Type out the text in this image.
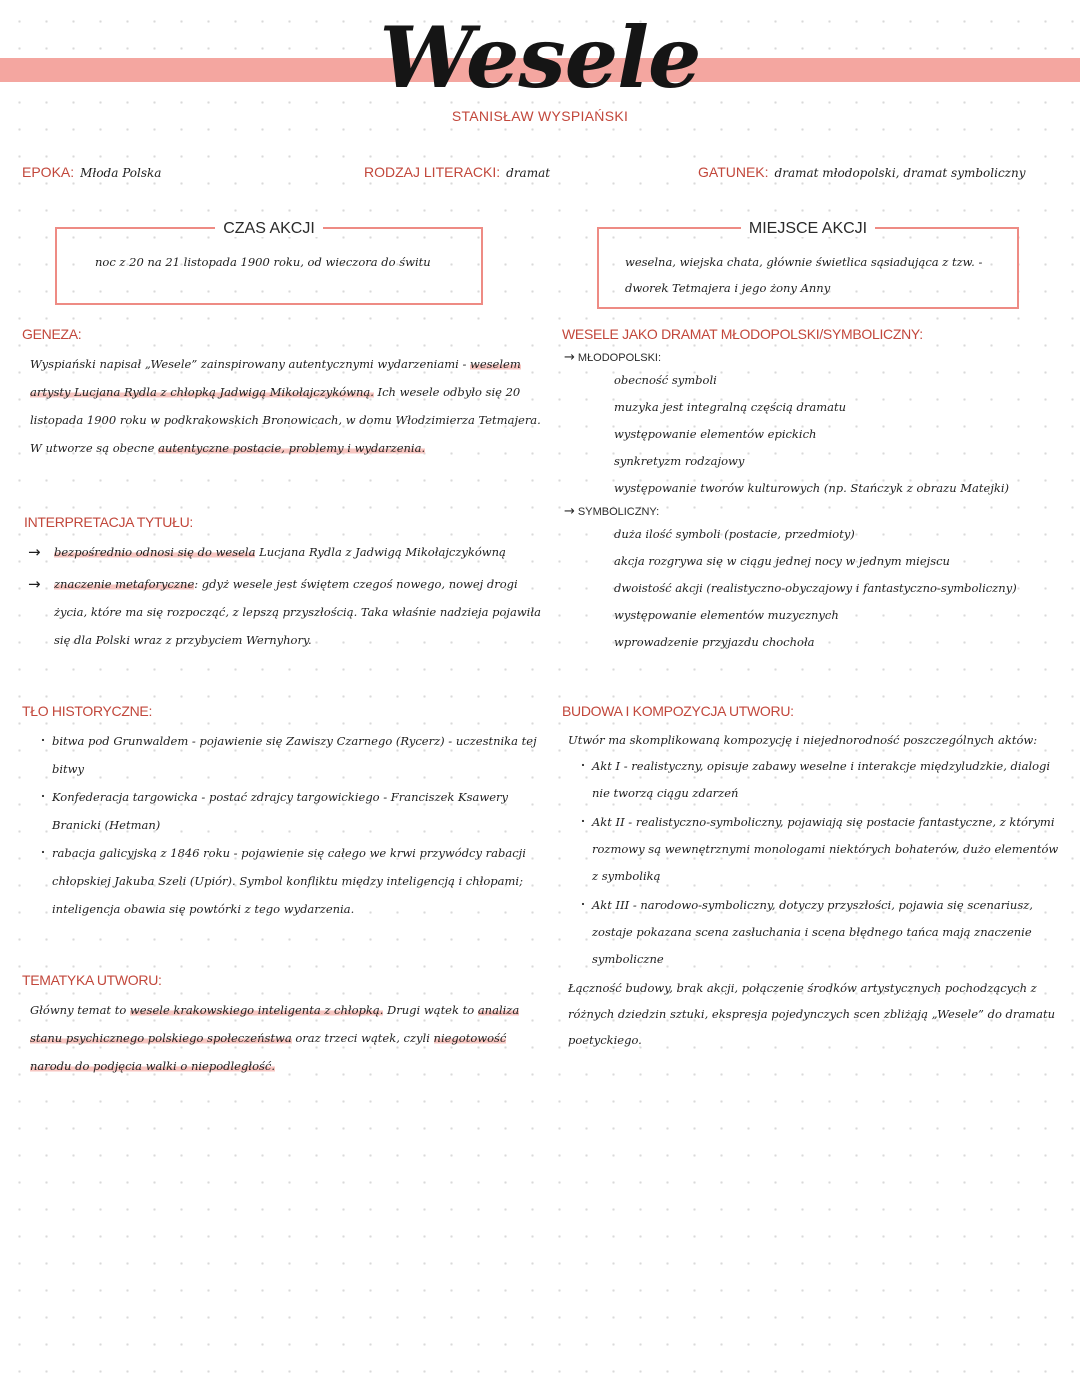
Wesele
STANISŁAW WYSPIAŃSKI
EPOKA: Młoda Polska	RODZAJ LITERACKI: dramat	GATUNEK: dramat młodopolski, dramat symboliczny
CZAS AKCJI
noc z 20 na 21 listopada 1900 roku, od wieczora do świtu
MIEJSCE AKCJI
weselna, wiejska chata, głównie świetlica sąsiadująca z tzw. - dworek Tetmajera i jego żony Anny
GENEZA:
Wyspiański napisał „Wesele” zainspirowany autentycznymi wydarzeniami - weselem artysty Lucjana Rydla z chłopką Jadwigą Mikołajczykówną. Ich wesele odbyło się 20 listopada 1900 roku w podkrakowskich Bronowicach, w domu Włodzimierza Tetmajera. W utworze są obecne autentyczne postacie, problemy i wydarzenia.
INTERPRETACJA TYTUŁU:
→ bezpośrednio odnosi się do wesela Lucjana Rydla z Jadwigą Mikołajczykówną
→ znaczenie metaforyczne: gdyż wesele jest świętem czegoś nowego, nowej drogi życia, które ma się rozpocząć, z lepszą przyszłością. Taka właśnie nadzieja pojawiła się dla Polski wraz z przybyciem Wernyhory.
TŁO HISTORYCZNE:
· bitwa pod Grunwaldem - pojawienie się Zawiszy Czarnego (Rycerz) - uczestnika tej bitwy
· Konfederacja targowicka - postać zdrajcy targowickiego - Franciszek Ksawery Branicki (Hetman)
· rabacja galicyjska z 1846 roku - pojawienie się całego we krwi przywódcy rabacji chłopskiej Jakuba Szeli (Upiór). Symbol konfliktu między inteligencją i chłopami; inteligencja obawia się powtórki z tego wydarzenia.
TEMATYKA UTWORU:
Główny temat to wesele krakowskiego inteligenta z chłopką. Drugi wątek to analiza stanu psychicznego polskiego społeczeństwa oraz trzeci wątek, czyli niegotowość narodu do podjęcia walki o niepodległość.
WESELE JAKO DRAMAT MŁODOPOLSKI/SYMBOLICZNY:
→ MŁODOPOLSKI:
· obecność symboli
· muzyka jest integralną częścią dramatu
· występowanie elementów epickich
· synkretyzm rodzajowy
· występowanie tworów kulturowych (np. Stańczyk z obrazu Matejki)
→ SYMBOLICZNY:
· duża ilość symboli (postacie, przedmioty)
· akcja rozgrywa się w ciągu jednej nocy w jednym miejscu
· dwoistość akcji (realistyczno-obyczajowy i fantastyczno-symboliczny)
· występowanie elementów muzycznych
· wprowadzenie przyjazdu chochoła
BUDOWA I KOMPOZYCJA UTWORU:
Utwór ma skomplikowaną kompozycję i niejednorodność poszczególnych aktów:
· Akt I - realistyczny, opisuje zabawy weselne i interakcje międzyludzkie, dialogi nie tworzą ciągu zdarzeń
· Akt II - realistyczno-symboliczny, pojawiają się postacie fantastyczne, z którymi rozmowy są wewnętrznymi monologami niektórych bohaterów, dużo elementów z symboliką
· Akt III - narodowo-symboliczny, dotyczy przyszłości, pojawia się scenariusz, zostaje pokazana scena zasłuchania i scena błędnego tańca mają znaczenie symboliczne
Łączność budowy, brak akcji, połączenie środków artystycznych pochodzących z różnych dziedzin sztuki, ekspresja pojedynczych scen zbliżają „Wesele” do dramatu poetyckiego.
